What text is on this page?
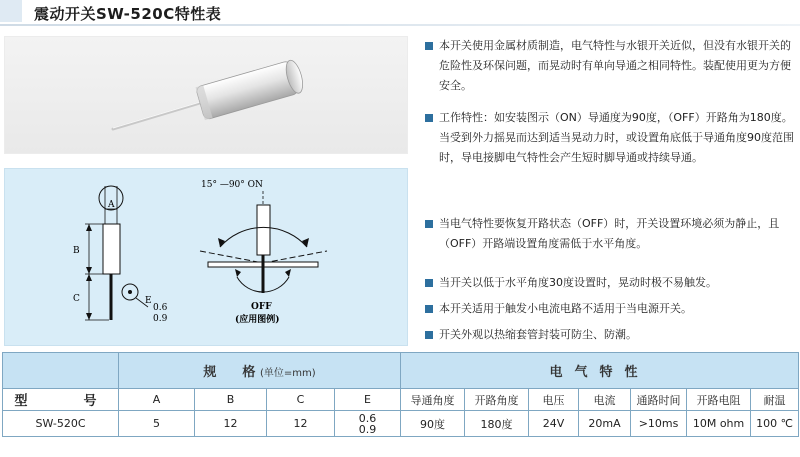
震动开关SW-520C特性表
A
B
C	E
0.6
0.9
15° —90° ON
OFF
(应用图例)
本开关使用金属材质制造，电气特性与水银开关近似，但没有水银开关的危险性及环保问题，而晃动时有单向导通之相同特性。装配使用更为方便安全。
工作特性：如安装图示（ON）导通度为90度，（OFF）开路角为180度。当受到外力摇晃而达到适当晃动力时，或设置角底低于导通角度90度范围时，导电接脚电气特性会产生短时脚导通或持续导通。
当电气特性要恢复开路状态（OFF）时，开关设置环境必须为静止，且（OFF）开路端设置角度需低于水平角度。
当开关以低于水平角度30度设置时，晃动时极不易触发。
本开关适用于触发小电流电路不适用于当电源开关。
开关外观以热缩套管封装可防尘、防潮。
	规　　格 (单位=mm)				电气特性						
型　　号	A	B	C	E	导通角度	开路角度	电压	电流	通路时间	开路电阻	耐温
SW-520C	5	12	12	0.6
0.9	90度	180度	24V	20mA	>10ms	10M ohm	100 ℃
